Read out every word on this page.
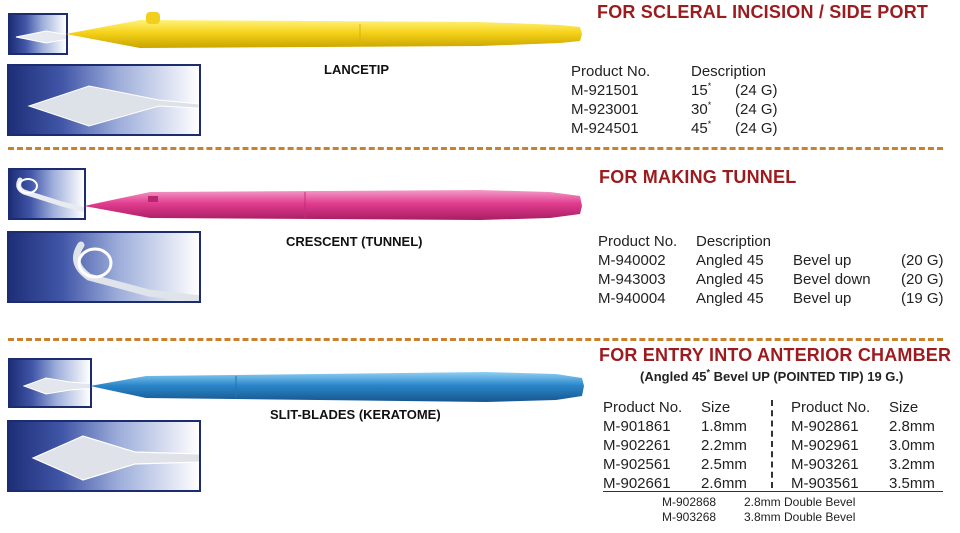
LANCETIP
FOR SCLERAL INCISION / SIDE PORT
Product No.	Description
M-921501	15*	(24 G)
M-923001	30*	(24 G)
M-924501	45*	(24 G)
CRESCENT (TUNNEL)
FOR MAKING TUNNEL
Product No.	Description
M-940002	Angled 45	Bevel up	(20 G)
M-943003	Angled 45	Bevel down	(20 G)
M-940004	Angled 45	Bevel up	(19 G)
SLIT-BLADES (KERATOME)
FOR ENTRY INTO ANTERIOR CHAMBER
(Angled 45* Bevel UP (POINTED TIP) 19 G.)
Product No.	Size
M-901861	1.8mm
M-902261	2.2mm
M-902561	2.5mm
M-902661	2.6mm
Product No.	Size
M-902861	2.8mm
M-902961	3.0mm
M-903261	3.2mm
M-903561	3.5mm
M-902868	2.8mm Double Bevel
M-903268	3.8mm Double Bevel
